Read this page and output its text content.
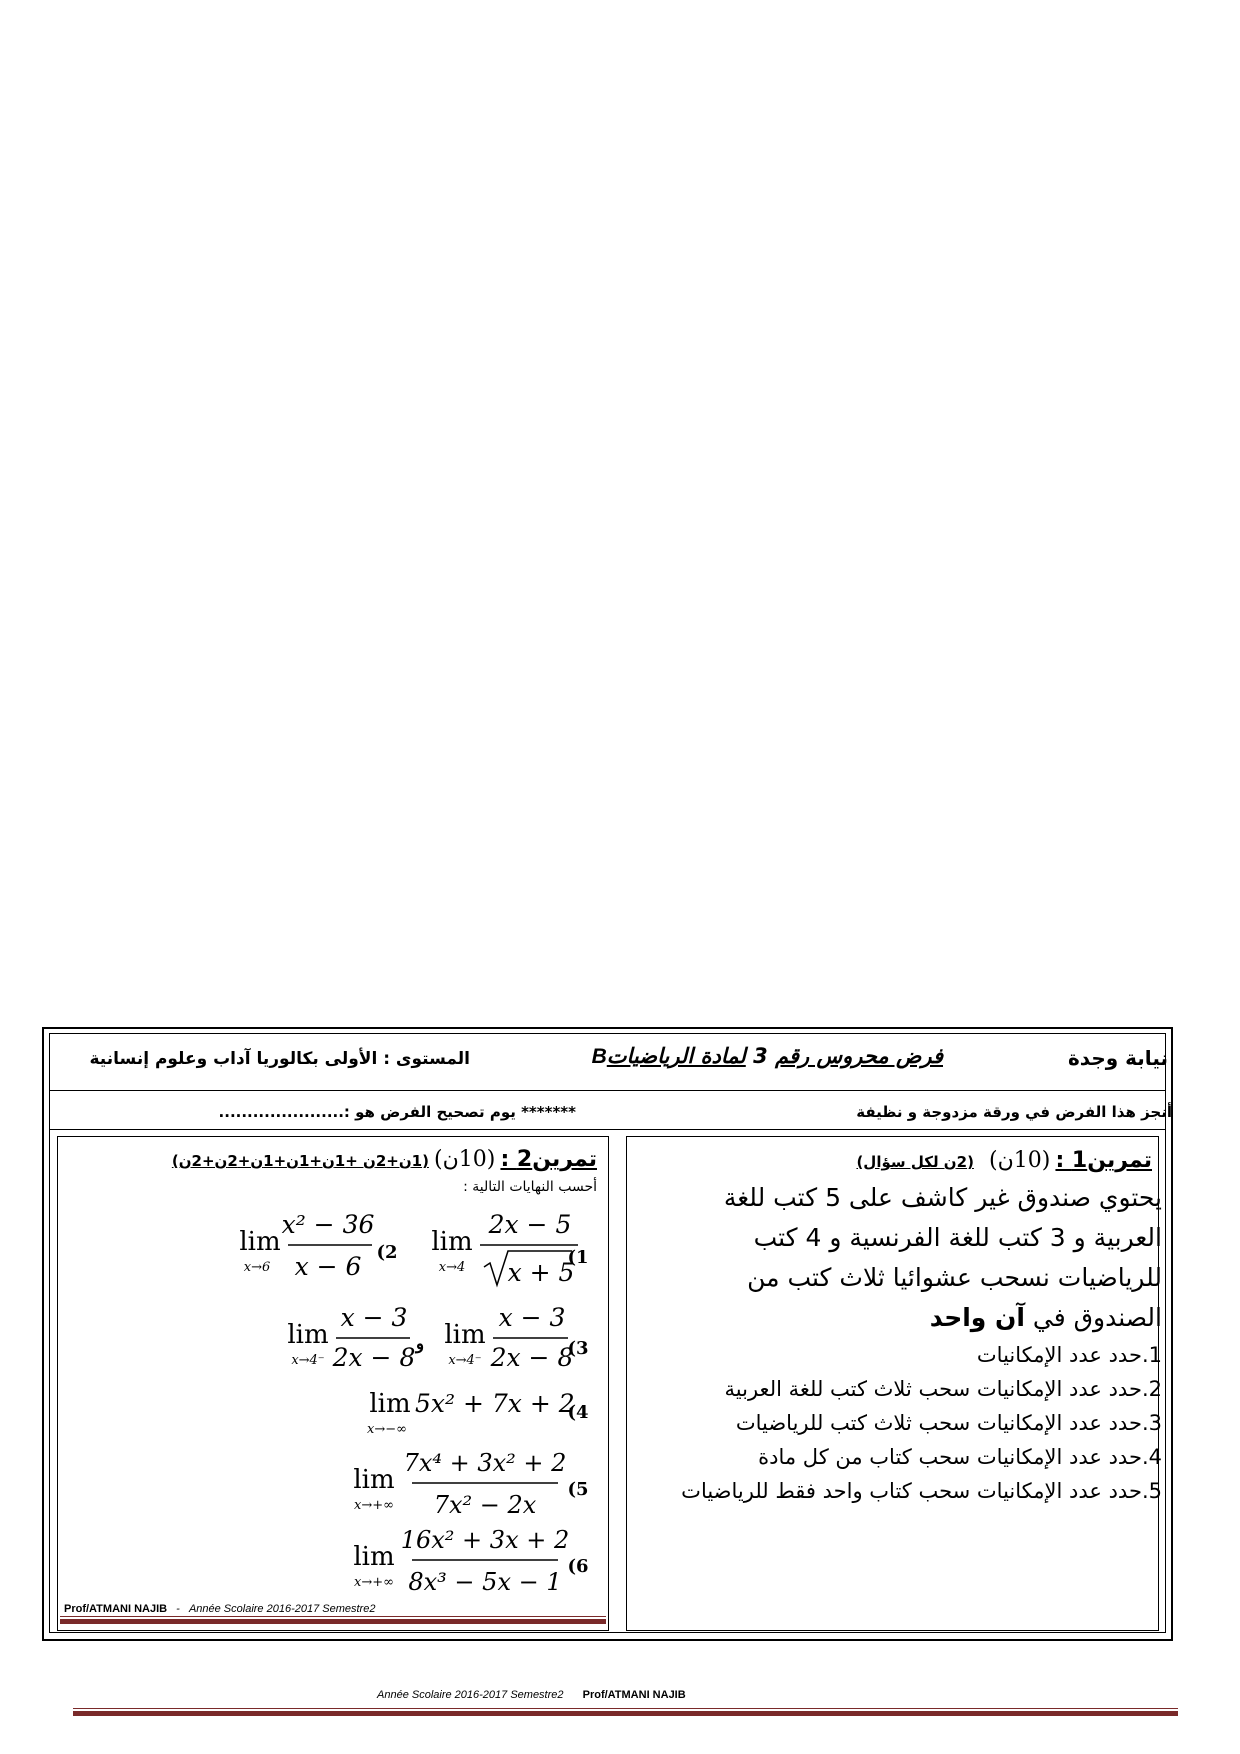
نيابة وجدة
فرض محروس رقم 3 لمادة الرياضياتB
المستوى : الأولى بكالوريا آداب وعلوم إنسانية
أنجز هذا الفرض في ورقة مزدوجة و نظيفة
******* يوم تصحيح الفرض هو :......................
تمرين1 : (10ن) (2ن لكل سؤال)
يحتوي صندوق غير كاشف على 5 كتب للغة العربية و 3 كتب للغة الفرنسية و 4 كتب للرياضيات نسحب عشوائيا ثلاث كتب من الصندوق في آن واحد
1.حدد عدد الإمكانيات
2.حدد عدد الإمكانيات سحب ثلاث كتب للغة العربية
3.حدد عدد الإمكانيات سحب ثلاث كتب للرياضيات
4.حدد عدد الإمكانيات سحب كتاب من كل مادة
5.حدد عدد الإمكانيات سحب كتاب واحد فقط للرياضيات
تمرين2 : (10ن) (1ن+2ن +1ن+1ن+1ن+2ن+2ن)
أحسب النهايات التالية :
(1
lim
x→4
2x − 5
x + 5
(2
lim
x→6
x² − 36
x − 6
(3
lim
x→4⁻
x − 3
2x − 8
و
lim
x→4⁻
x − 3
2x − 8
(4
lim
x→−∞
5x² + 7x + 2
(5
lim
x→+∞
7x⁴ + 3x² + 2
7x² − 2x
(6
lim
x→+∞
16x² + 3x + 2
8x³ − 5x − 1
Prof/ATMANI NAJIB - Année Scolaire 2016-2017 Semestre2
Année Scolaire 2016-2017 Semestre2 Prof/ATMANI NAJIB
